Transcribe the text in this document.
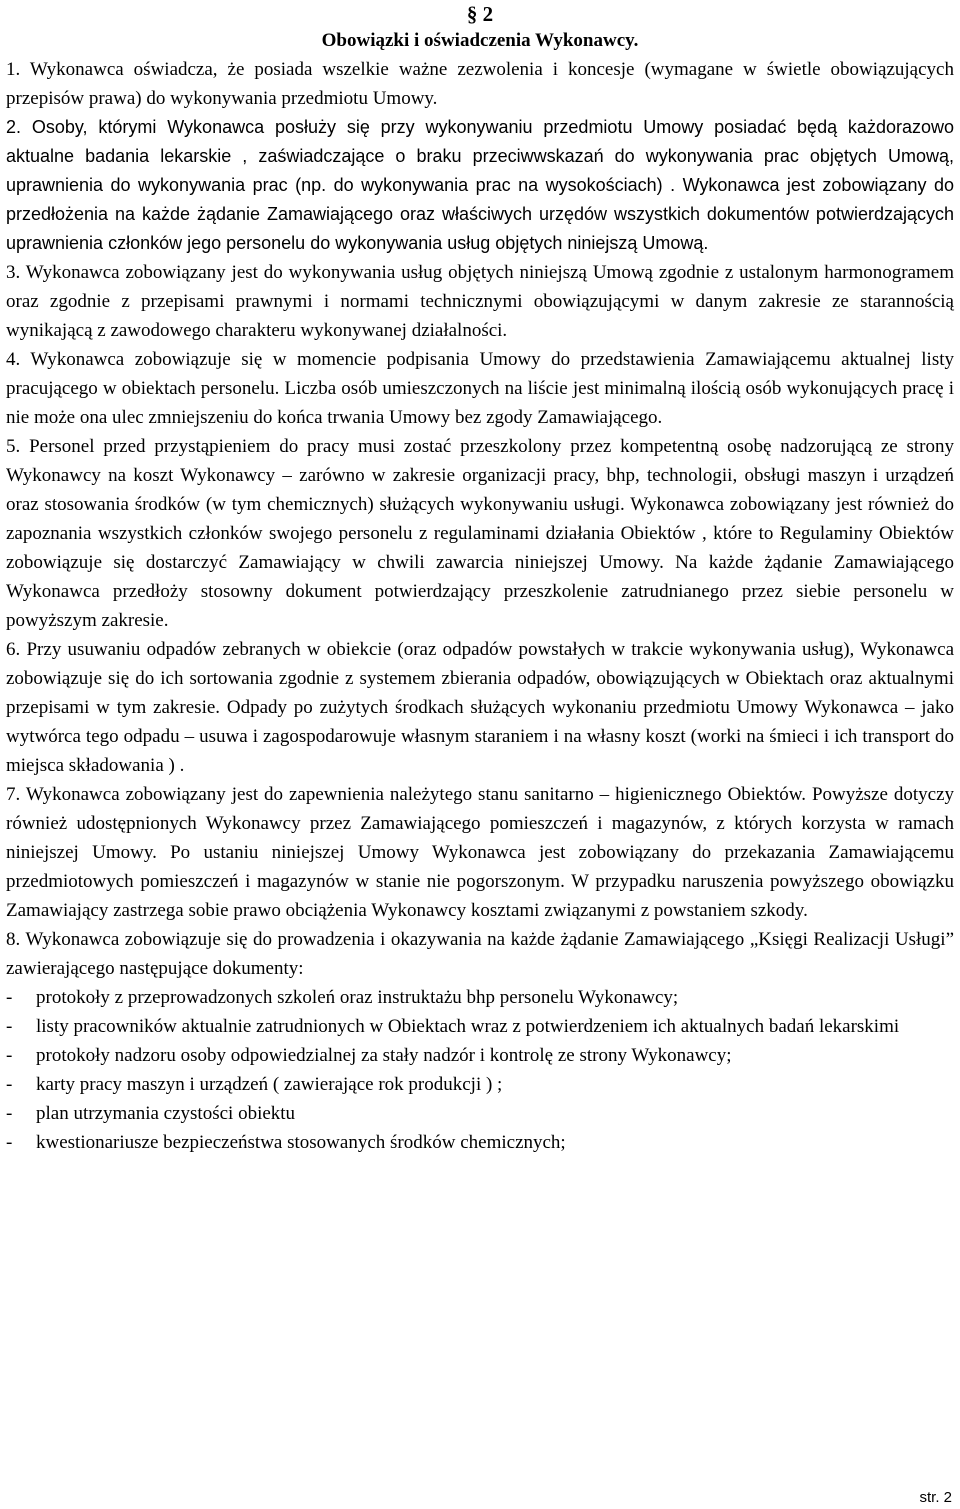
§ 2
Obowiązki i oświadczenia Wykonawcy.

1. Wykonawca oświadcza, że posiada wszelkie ważne zezwolenia i koncesje (wymagane w świetle obowiązujących przepisów prawa) do wykonywania przedmiotu Umowy.

2. Osoby, którymi Wykonawca posłuży się przy wykonywaniu przedmiotu Umowy posiadać będą każdorazowo aktualne badania lekarskie , zaświadczające o braku przeciwwskazań do wykonywania prac objętych Umową, uprawnienia do wykonywania prac (np. do wykonywania prac na wysokościach) . Wykonawca jest zobowiązany do przedłożenia na każde żądanie Zamawiającego oraz właściwych urzędów wszystkich dokumentów potwierdzających uprawnienia członków jego personelu do wykonywania usług objętych niniejszą Umową.

3. Wykonawca zobowiązany jest do wykonywania usług objętych niniejszą Umową zgodnie z ustalonym harmonogramem oraz zgodnie z przepisami prawnymi i normami technicznymi obowiązującymi w danym zakresie ze starannością wynikającą z zawodowego charakteru wykonywanej działalności.

4. Wykonawca zobowiązuje się w momencie podpisania Umowy do przedstawienia Zamawiającemu aktualnej listy pracującego w obiektach personelu. Liczba osób umieszczonych na liście jest minimalną ilością osób wykonujących pracę i nie może ona ulec zmniejszeniu do końca trwania Umowy bez zgody Zamawiającego.

5. Personel przed przystąpieniem do pracy musi zostać przeszkolony przez kompetentną osobę nadzorującą ze strony Wykonawcy na koszt Wykonawcy – zarówno w zakresie organizacji pracy, bhp, technologii, obsługi maszyn i urządzeń oraz stosowania środków (w tym chemicznych) służących wykonywaniu usługi. Wykonawca zobowiązany jest również do zapoznania wszystkich członków swojego personelu z regulaminami działania Obiektów , które to Regulaminy Obiektów zobowiązuje się dostarczyć Zamawiający w chwili zawarcia niniejszej Umowy. Na każde żądanie Zamawiającego Wykonawca przedłoży stosowny dokument potwierdzający przeszkolenie zatrudnianego przez siebie personelu w powyższym zakresie.

6. Przy usuwaniu odpadów zebranych w obiekcie (oraz odpadów powstałych w trakcie wykonywania usług), Wykonawca zobowiązuje się do ich sortowania zgodnie z systemem zbierania odpadów, obowiązujących w Obiektach oraz aktualnymi przepisami w tym zakresie. Odpady po zużytych środkach służących wykonaniu przedmiotu Umowy Wykonawca – jako wytwórca tego odpadu – usuwa i zagospodarowuje własnym staraniem i na własny koszt (worki na śmieci i ich transport do miejsca składowania ) .

7. Wykonawca zobowiązany jest do zapewnienia należytego stanu sanitarno – higienicznego Obiektów. Powyższe dotyczy również udostępnionych Wykonawcy przez Zamawiającego pomieszczeń i magazynów, z których korzysta w ramach niniejszej Umowy. Po ustaniu niniejszej Umowy Wykonawca jest zobowiązany do przekazania Zamawiającemu przedmiotowych pomieszczeń i magazynów w stanie nie pogorszonym. W przypadku naruszenia powyższego obowiązku Zamawiający zastrzega sobie prawo obciążenia Wykonawcy kosztami związanymi z powstaniem szkody.

8. Wykonawca zobowiązuje się do prowadzenia i okazywania na każde żądanie Zamawiającego „Księgi Realizacji Usługi” zawierającego następujące dokumenty:

-	protokoły z przeprowadzonych szkoleń oraz instruktażu bhp personelu Wykonawcy;
-	listy pracowników aktualnie zatrudnionych w Obiektach wraz z potwierdzeniem ich aktualnych badań lekarskimi
-	protokoły nadzoru osoby odpowiedzialnej za stały nadzór i kontrolę ze strony Wykonawcy;
-	karty pracy maszyn i urządzeń ( zawierające rok produkcji ) ;
-	plan utrzymania czystości obiektu
-	kwestionariusze bezpieczeństwa stosowanych środków chemicznych;
str. 2
